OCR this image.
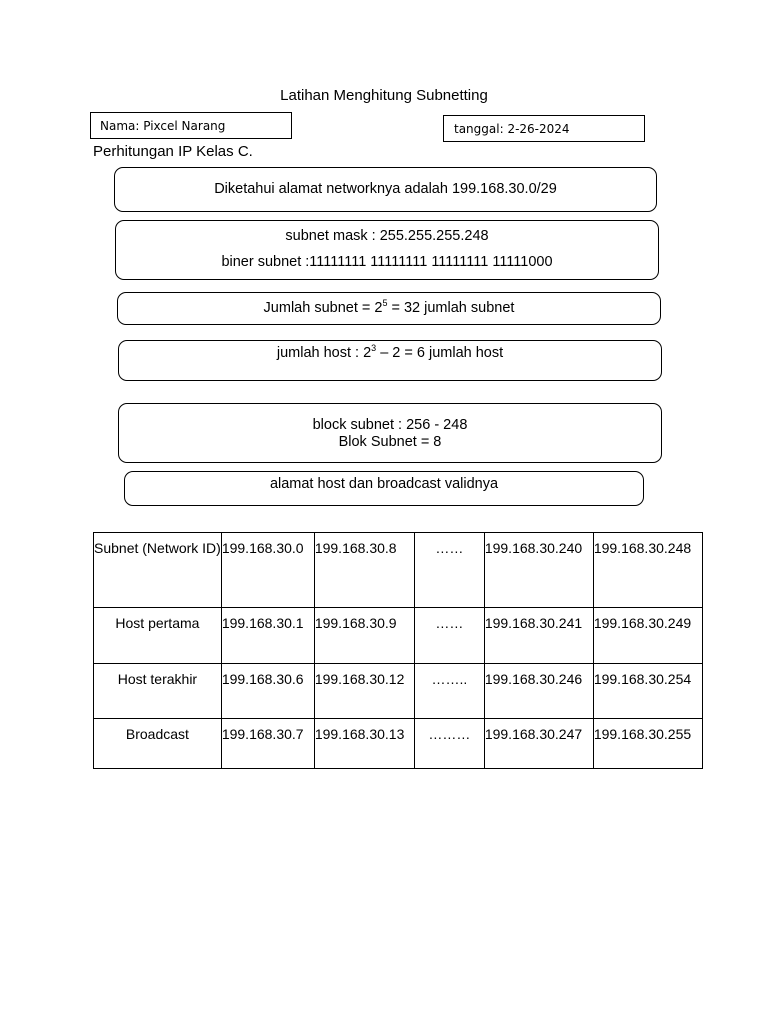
Latihan Menghitung Subnetting
Nama: Pixcel Narang	tanggal: 2-26-2024
Perhitungan IP Kelas C.
Diketahui alamat networknya adalah 199.168.30.0/29
subnet mask : 255.255.255.248
biner subnet :11111111 11111111 11111111 11111000
Jumlah subnet = $2^5 = 32$ jumlah subnet
jumlah host : $2^3 - 2 = 6$ jumlah host
block subnet : 256 - 248
Blok Subnet = 8
alamat host dan broadcast validnya
Subnet (Network ID)	199.168.30.0	199.168.30.8	……	199.168.30.240	199.168.30.248
Host pertama	199.168.30.1	199.168.30.9	……	199.168.30.241	199.168.30.249
Host terakhir	199.168.30.6	199.168.30.12	……..	199.168.30.246	199.168.30.254
Broadcast	199.168.30.7	199.168.30.13	………	199.168.30.247	199.168.30.255
